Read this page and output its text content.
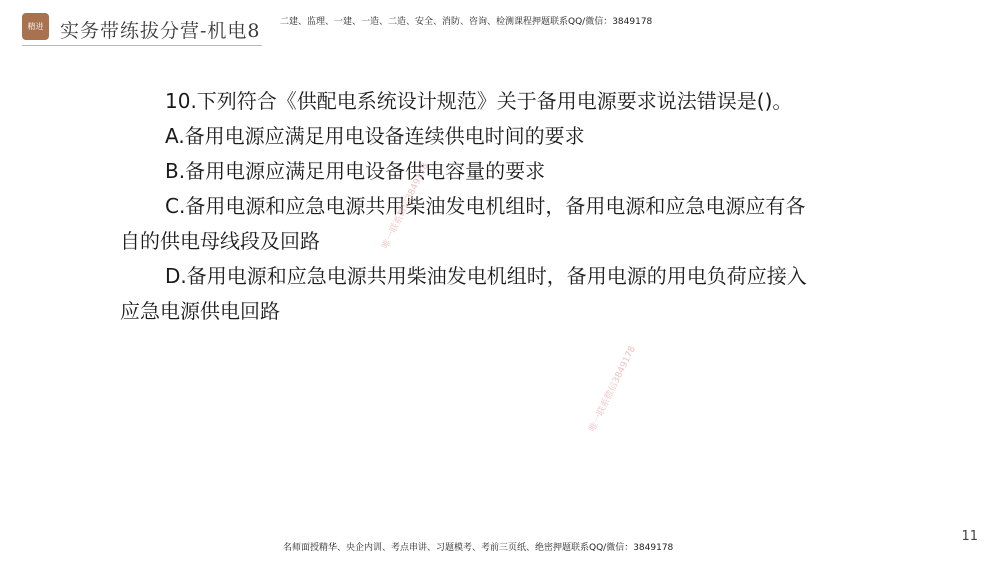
精进 实务带练拔分营-机电8 二建、监理、一建、一造、二造、安全、消防、咨询、检测课程押题联系QQ/微信：3849178

10.下列符合《供配电系统设计规范》关于备用电源要求说法错误是()。

A.备用电源应满足用电设备连续供电时间的要求

B.备用电源应满足用电设备供电容量的要求

C.备用电源和应急电源共用柴油发电机组时，备用电源和应急电源应有各自的供电母线段及回路

D.备用电源和应急电源共用柴油发电机组时，备用电源的用电负荷应接入应急电源供电回路

唯一联系微信3849178
唯一联系微信3849178
名师面授精华、央企内训、考点串讲、习题模考、考前三页纸、绝密押题联系QQ/微信：3849178
11
